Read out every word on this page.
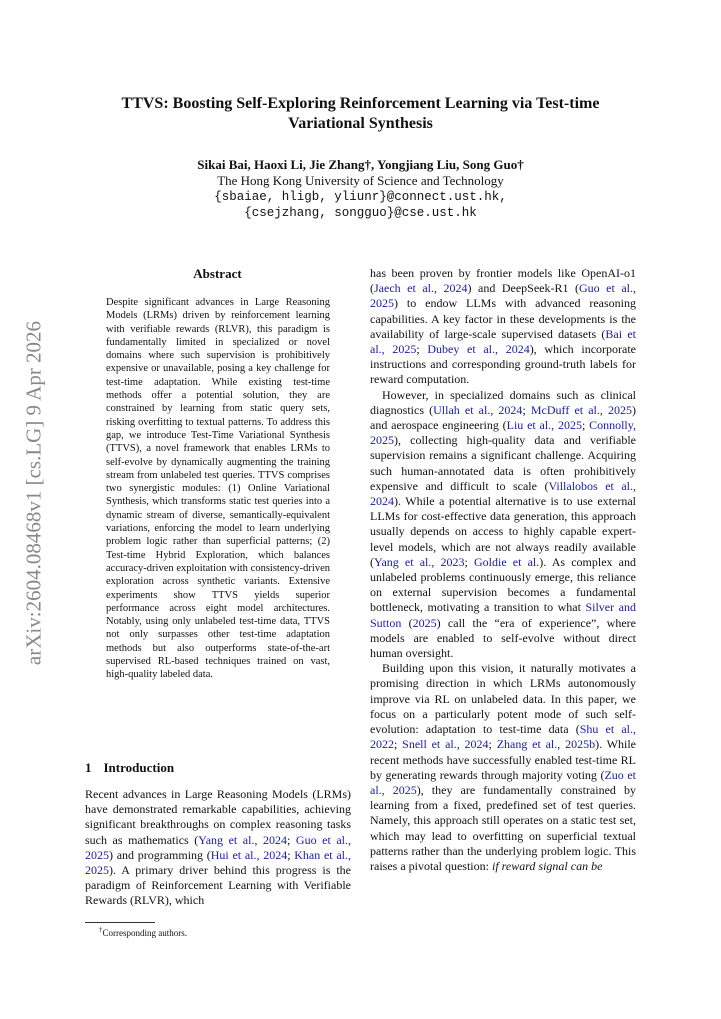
arXiv:2604.08468v1 [cs.LG] 9 Apr 2026
TTVS: Boosting Self-Exploring Reinforcement Learning via Test-time Variational Synthesis
Sikai Bai, Haoxi Li, Jie Zhang†, Yongjiang Liu, Song Guo†
The Hong Kong University of Science and Technology
{sbaiae, hligb, yliunr}@connect.ust.hk,
{csejzhang, songguo}@cse.ust.hk
Abstract
Despite significant advances in Large Reasoning Models (LRMs) driven by reinforcement learning with verifiable rewards (RLVR), this paradigm is fundamentally limited in specialized or novel domains where such supervision is prohibitively expensive or unavailable, posing a key challenge for test-time adaptation. While existing test-time methods offer a potential solution, they are constrained by learning from static query sets, risking overfitting to textual patterns. To address this gap, we introduce Test-Time Variational Synthesis (TTVS), a novel framework that enables LRMs to self-evolve by dynamically augmenting the training stream from unlabeled test queries. TTVS comprises two synergistic modules: (1) Online Variational Synthesis, which transforms static test queries into a dynamic stream of diverse, semantically-equivalent variations, enforcing the model to learn underlying problem logic rather than superficial patterns; (2) Test-time Hybrid Exploration, which balances accuracy-driven exploitation with consistency-driven exploration across synthetic variants. Extensive experiments show TTVS yields superior performance across eight model architectures. Notably, using only unlabeled test-time data, TTVS not only surpasses other test-time adaptation methods but also outperforms state-of-the-art supervised RL-based techniques trained on vast, high-quality labeled data.
1 Introduction
Recent advances in Large Reasoning Models (LRMs) have demonstrated remarkable capabilities, achieving significant breakthroughs on complex reasoning tasks such as mathematics (Yang et al., 2024; Guo et al., 2025) and programming (Hui et al., 2024; Khan et al., 2025). A primary driver behind this progress is the paradigm of Reinforcement Learning with Verifiable Rewards (RLVR), which
†Corresponding authors.

has been proven by frontier models like OpenAI-o1 (Jaech et al., 2024) and DeepSeek-R1 (Guo et al., 2025) to endow LLMs with advanced reasoning capabilities. A key factor in these developments is the availability of large-scale supervised datasets (Bai et al., 2025; Dubey et al., 2024), which incorporate instructions and corresponding ground-truth labels for reward computation.

However, in specialized domains such as clinical diagnostics (Ullah et al., 2024; McDuff et al., 2025) and aerospace engineering (Liu et al., 2025; Connolly, 2025), collecting high-quality data and verifiable supervision remains a significant challenge. Acquiring such human-annotated data is often prohibitively expensive and difficult to scale (Villalobos et al., 2024). While a potential alternative is to use external LLMs for cost-effective data generation, this approach usually depends on access to highly capable expert-level models, which are not always readily available (Yang et al., 2023; Goldie et al.). As complex and unlabeled problems continuously emerge, this reliance on external supervision becomes a fundamental bottleneck, motivating a transition to what Silver and Sutton (2025) call the “era of experience”, where models are enabled to self-evolve without direct human oversight.

Building upon this vision, it naturally motivates a promising direction in which LRMs autonomously improve via RL on unlabeled data. In this paper, we focus on a particularly potent mode of such self-evolution: adaptation to test-time data (Shu et al., 2022; Snell et al., 2024; Zhang et al., 2025b). While recent methods have successfully enabled test-time RL by generating rewards through majority voting (Zuo et al., 2025), they are fundamentally constrained by learning from a fixed, predefined set of test queries. Namely, this approach still operates on a static test set, which may lead to overfitting on superficial textual patterns rather than the underlying problem logic. This raises a pivotal question: if reward signal can be
